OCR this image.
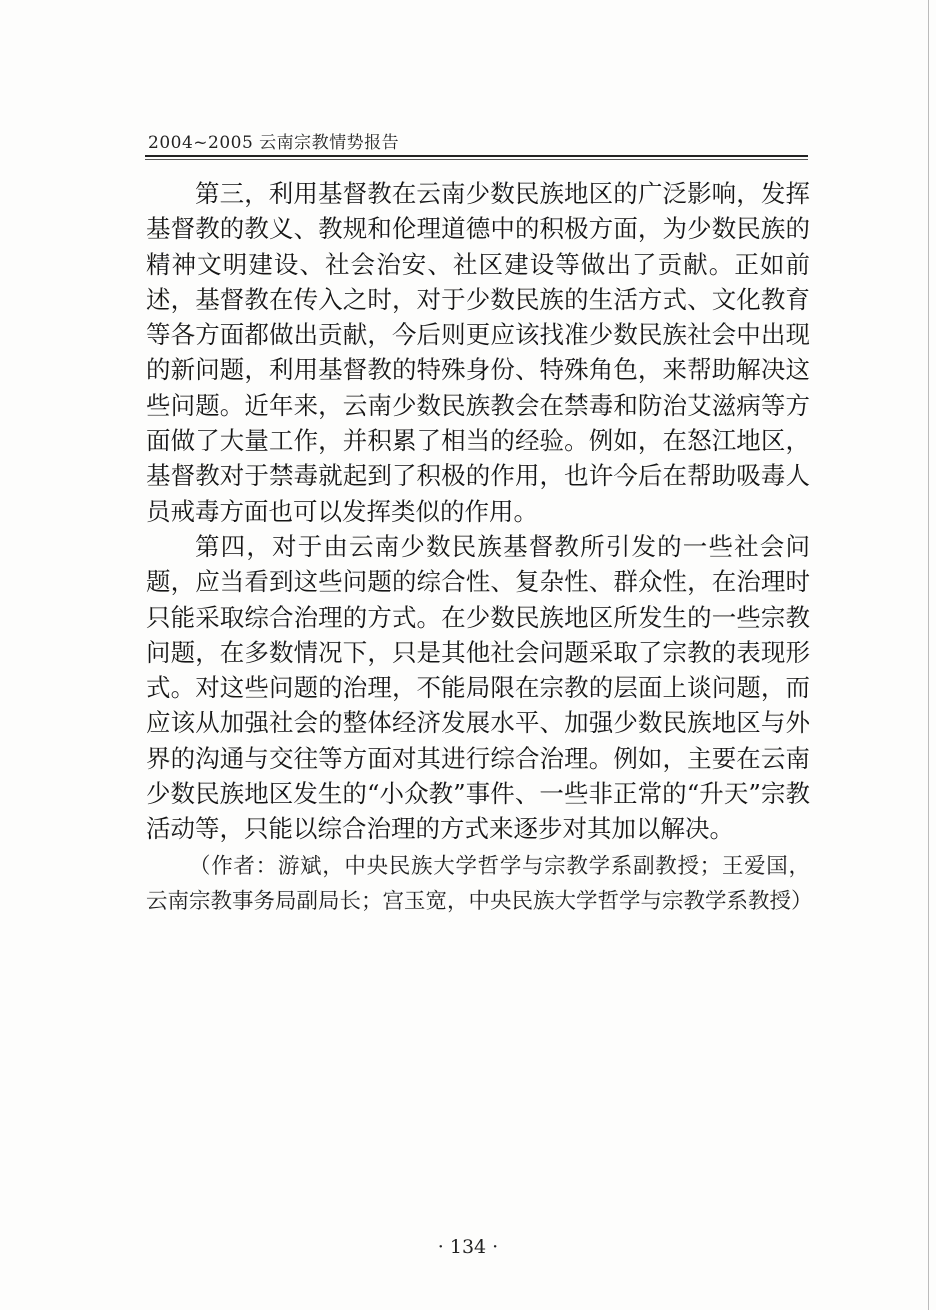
2004~2005 云南宗教情势报告

第三，利用基督教在云南少数民族地区的广泛影响，发挥基督教的教义、教规和伦理道德中的积极方面，为少数民族的精神文明建设、社会治安、社区建设等做出了贡献。正如前述，基督教在传入之时，对于少数民族的生活方式、文化教育等各方面都做出贡献，今后则更应该找准少数民族社会中出现的新问题，利用基督教的特殊身份、特殊角色，来帮助解决这些问题。近年来，云南少数民族教会在禁毒和防治艾滋病等方面做了大量工作，并积累了相当的经验。例如，在怒江地区，基督教对于禁毒就起到了积极的作用，也许今后在帮助吸毒人员戒毒方面也可以发挥类似的作用。

第四，对于由云南少数民族基督教所引发的一些社会问题，应当看到这些问题的综合性、复杂性、群众性，在治理时只能采取综合治理的方式。在少数民族地区所发生的一些宗教问题，在多数情况下，只是其他社会问题采取了宗教的表现形式。对这些问题的治理，不能局限在宗教的层面上谈问题，而应该从加强社会的整体经济发展水平、加强少数民族地区与外界的沟通与交往等方面对其进行综合治理。例如，主要在云南少数民族地区发生的“小众教”事件、一些非正常的“升天”宗教活动等，只能以综合治理的方式来逐步对其加以解决。

（作者：游斌，中央民族大学哲学与宗教学系副教授；王爱国，云南宗教事务局副局长；宫玉宽，中央民族大学哲学与宗教学系教授）

· 134 ·
